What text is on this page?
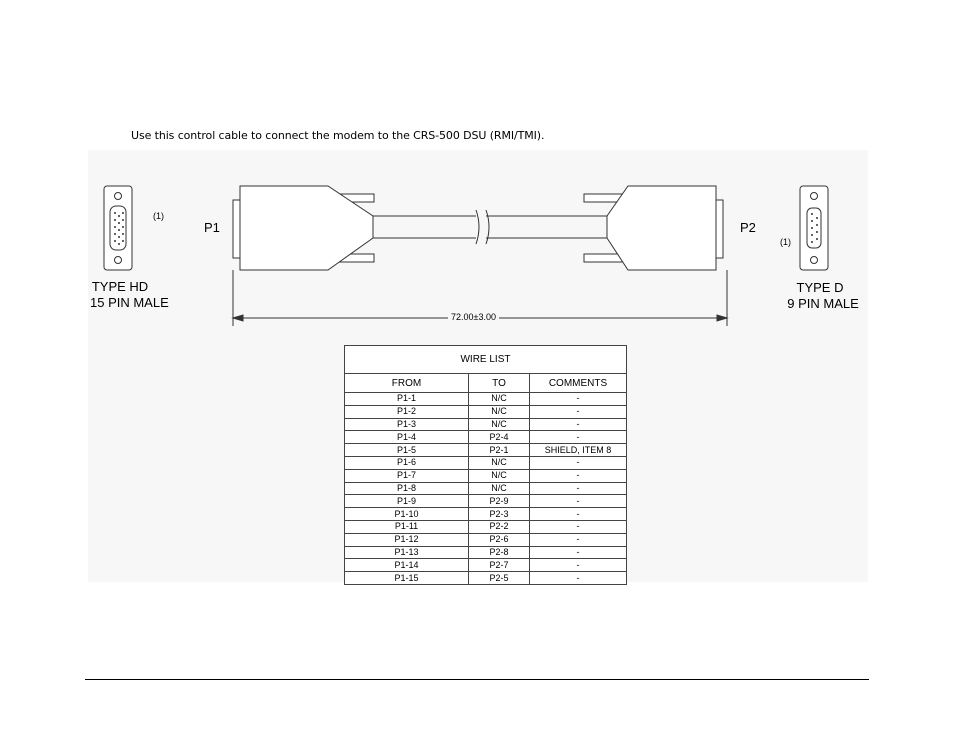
Use this control cable to connect the modem to the CRS-500 DSU (RMI/TMI).
(1)
P1
TYPE HD
15 PIN MALE
P2
(1)
TYPE D
9 PIN MALE
72.00±3.00
WIRE LIST		
FROM	TO	COMMENTS
P1-1	N/C	-
P1-2	N/C	-
P1-3	N/C	-
P1-4	P2-4	-
P1-5	P2-1	SHIELD, ITEM 8
P1-6	N/C	-
P1-7	N/C	-
P1-8	N/C	-
P1-9	P2-9	-
P1-10	P2-3	-
P1-11	P2-2	-
P1-12	P2-6	-
P1-13	P2-8	-
P1-14	P2-7	-
P1-15	P2-5	-
